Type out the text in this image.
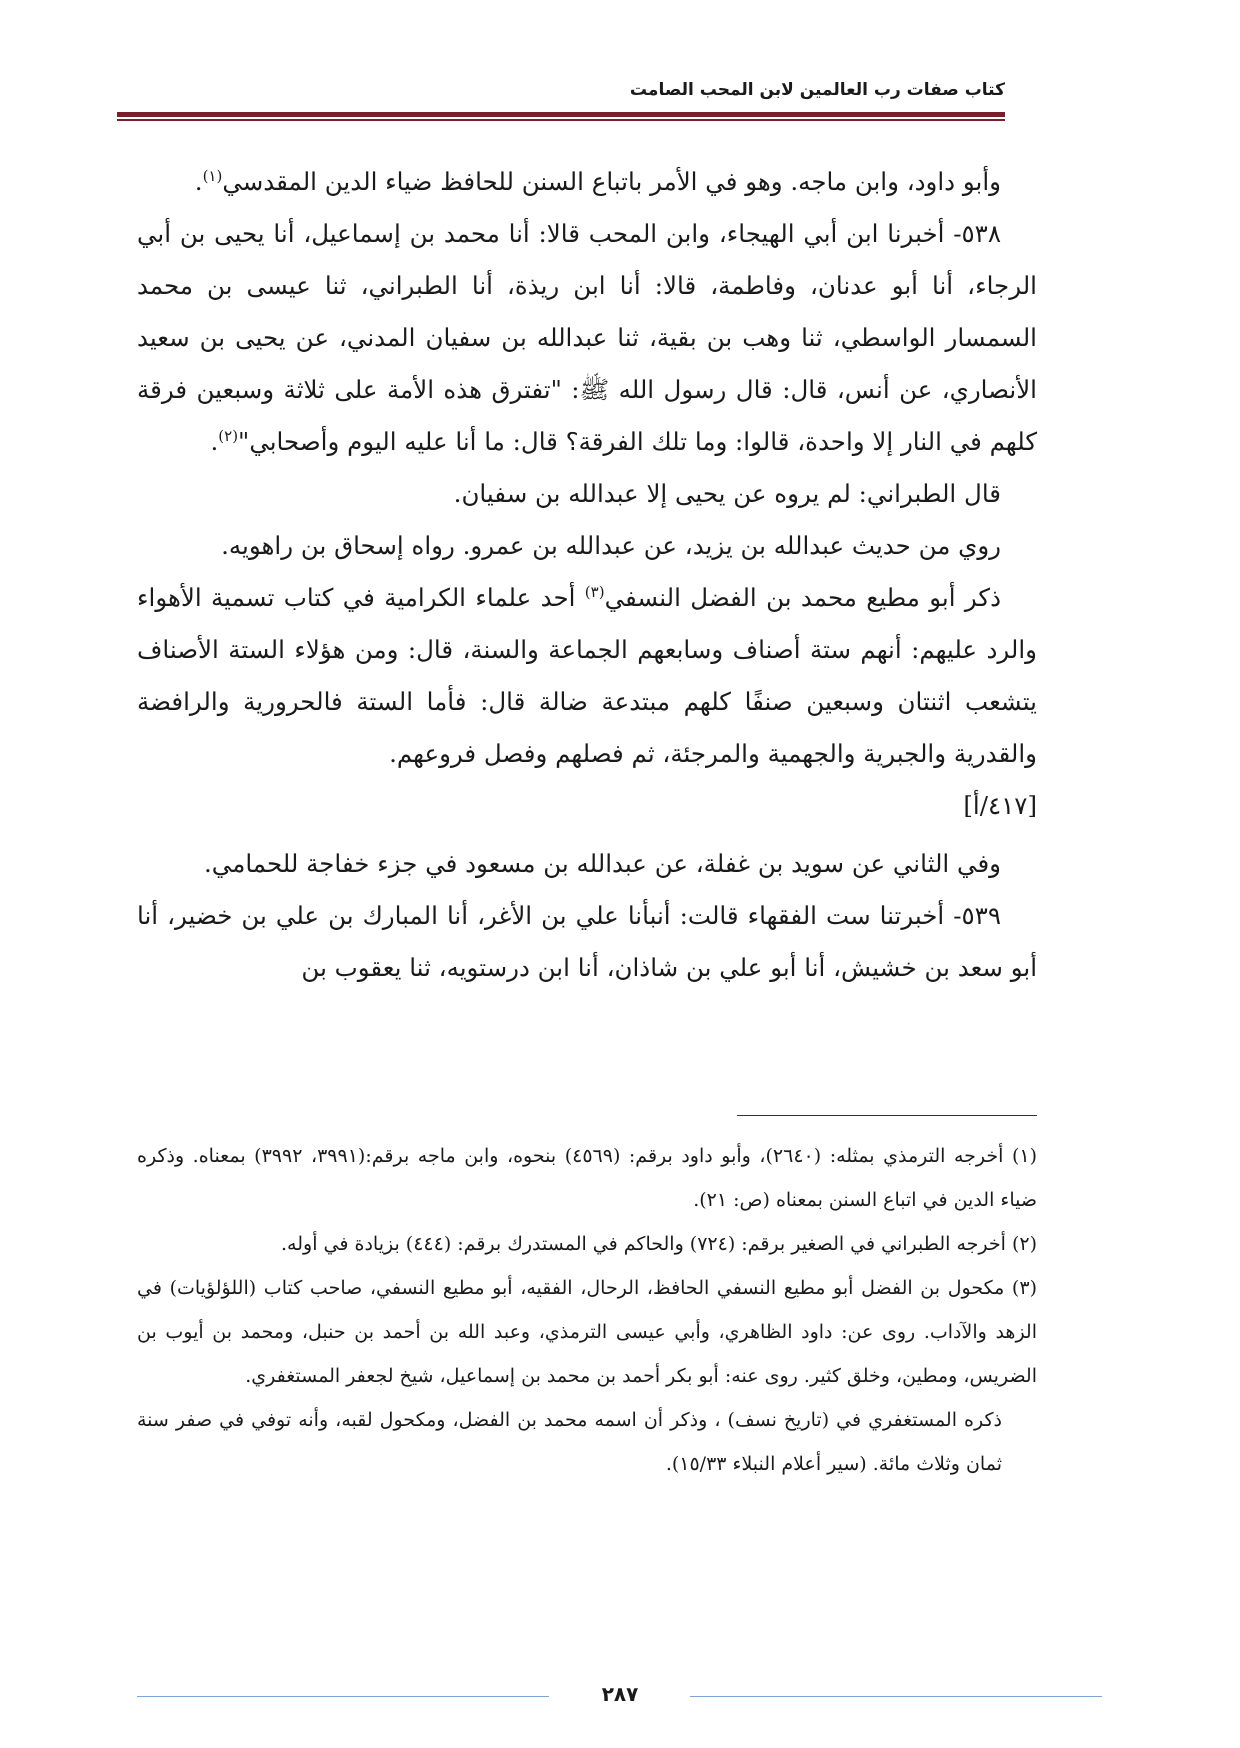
كتاب صفات رب العالمين لابن المحب الصامت

وأبو داود، وابن ماجه. وهو في الأمر باتباع السنن للحافظ ضياء الدين المقدسي$^{(١)}$.

٥٣٨- أخبرنا ابن أبي الهيجاء، وابن المحب قالا: أنا محمد بن إسماعيل، أنا يحيى بن أبي الرجاء، أنا أبو عدنان، وفاطمة، قالا: أنا ابن ريذة، أنا الطبراني، ثنا عيسى بن محمد السمسار الواسطي، ثنا وهب بن بقية، ثنا عبدالله بن سفيان المدني، عن يحيى بن سعيد الأنصاري، عن أنس، قال: قال رسول الله ﷺ: "تفترق هذه الأمة على ثلاثة وسبعين فرقة كلهم في النار إلا واحدة، قالوا: وما تلك الفرقة؟ قال: ما أنا عليه اليوم وأصحابي"$^{(٢)}$.

قال الطبراني: لم يروه عن يحيى إلا عبدالله بن سفيان.

روي من حديث عبدالله بن يزيد، عن عبدالله بن عمرو. رواه إسحاق بن راهويه.

ذكر أبو مطيع محمد بن الفضل النسفي$^{(٣)}$ أحد علماء الكرامية في كتاب تسمية الأهواء والرد عليهم: أنهم ستة أصناف وسابعهم الجماعة والسنة، قال: ومن هؤلاء الستة الأصناف يتشعب اثنتان وسبعين صنفًا كلهم مبتدعة ضالة قال: فأما الستة فالحرورية والرافضة والقدرية والجبرية والجهمية والمرجئة، ثم فصلهم وفصل فروعهم.

[٤١٧/أ]

وفي الثاني عن سويد بن غفلة، عن عبدالله بن مسعود في جزء خفاجة للحمامي.

٥٣٩- أخبرتنا ست الفقهاء قالت: أنبأنا علي بن الأغر، أنا المبارك بن علي بن خضير، أنا أبو سعد بن خشيش، أنا أبو علي بن شاذان، أنا ابن درستويه، ثنا يعقوب بن

(١) أخرجه الترمذي بمثله: (٢٦٤٠)، وأبو داود برقم: (٤٥٦٩) بنحوه، وابن ماجه برقم:(٣٩٩١، ٣٩٩٢) بمعناه. وذكره ضياء الدين في اتباع السنن بمعناه (ص: ٢١).

(٢) أخرجه الطبراني في الصغير برقم: (٧٢٤) والحاكم في المستدرك برقم: (٤٤٤) بزيادة في أوله.

(٣) مكحول بن الفضل أبو مطيع النسفي الحافظ، الرحال، الفقيه، أبو مطيع النسفي، صاحب كتاب (اللؤلؤيات) في الزهد والآداب. روى عن: داود الظاهري، وأبي عيسى الترمذي، وعبد الله بن أحمد بن حنبل، ومحمد بن أيوب بن الضريس، ومطين، وخلق كثير. روى عنه: أبو بكر أحمد بن محمد بن إسماعيل، شيخ لجعفر المستغفري.

ذكره المستغفري في (تاريخ نسف) ، وذكر أن اسمه محمد بن الفضل، ومكحول لقبه، وأنه توفي في صفر سنة ثمان وثلاث مائة. (سير أعلام النبلاء ١٥/٣٣).

٢٨٧
